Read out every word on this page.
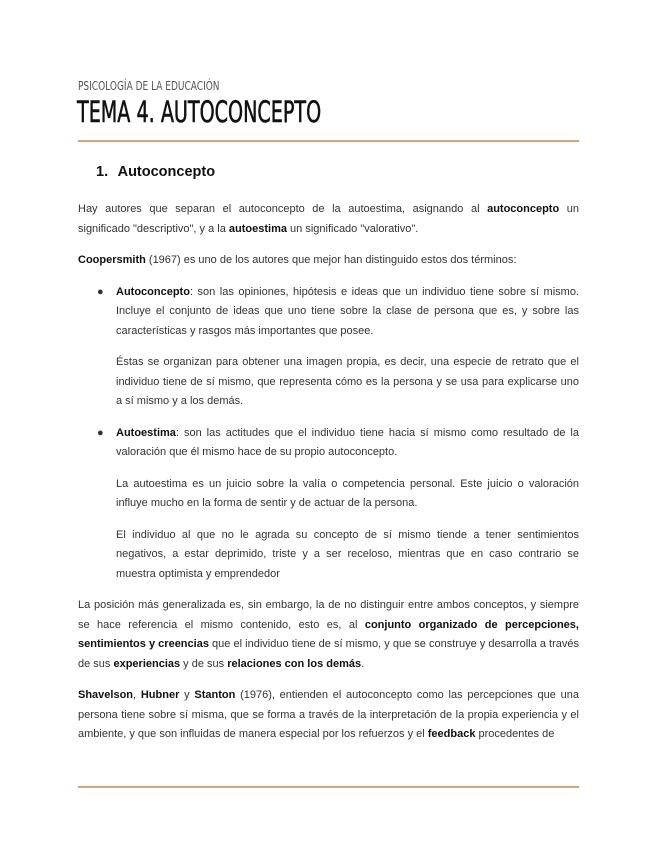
PSICOLOGÍA DE LA EDUCACIÓN
TEMA 4. AUTOCONCEPTO
1. Autoconcepto

Hay autores que separan el autoconcepto de la autoestima, asignando al autoconcepto un significado "descriptivo", y a la autoestima un significado "valorativo".

Coopersmith (1967) es uno de los autores que mejor han distinguido estos dos términos:

● Autoconcepto: son las opiniones, hipótesis e ideas que un individuo tiene sobre sí mismo. Incluye el conjunto de ideas que uno tiene sobre la clase de persona que es, y sobre las características y rasgos más importantes que posee.

Éstas se organizan para obtener una imagen propia, es decir, una especie de retrato que el individuo tiene de sí mismo, que representa cómo es la persona y se usa para explicarse uno a sí mismo y a los demás.

● Autoestima: son las actitudes que el individuo tiene hacia sí mismo como resultado de la valoración que él mismo hace de su propio autoconcepto.

La autoestima es un juicio sobre la valía o competencia personal. Este juicio o valoración influye mucho en la forma de sentir y de actuar de la persona.

El individuo al que no le agrada su concepto de sí mismo tiende a tener sentimientos negativos, a estar deprimido, triste y a ser receloso, mientras que en caso contrario se muestra optimista y emprendedor

La posición más generalizada es, sin embargo, la de no distinguir entre ambos conceptos, y siempre se hace referencia el mismo contenido, esto es, al conjunto organizado de percepciones, sentimientos y creencias que el individuo tiene de sí mismo, y que se construye y desarrolla a través de sus experiencias y de sus relaciones con los demás.

Shavelson, Hubner y Stanton (1976), entienden el autoconcepto como las percepciones que una persona tiene sobre sí misma, que se forma a través de la interpretación de la propia experiencia y el ambiente, y que son influidas de manera especial por los refuerzos y el feedback procedentes de
